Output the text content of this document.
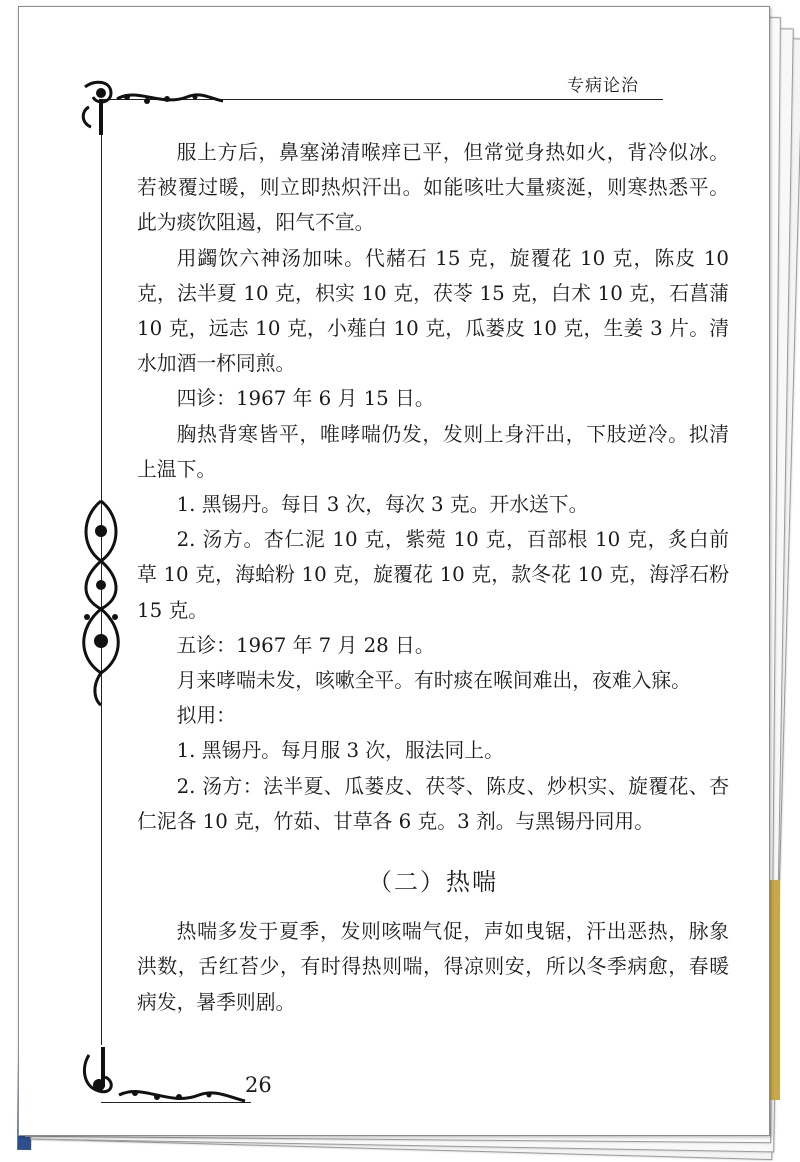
专病论治

服上方后，鼻塞涕清喉痒已平，但常觉身热如火，背冷似冰。若被覆过暖，则立即热炽汗出。如能咳吐大量痰涎，则寒热悉平。此为痰饮阻遏，阳气不宣。

用蠲饮六神汤加味。代赭石 15 克，旋覆花 10 克，陈皮 10 克，法半夏 10 克，枳实 10 克，茯苓 15 克，白术 10 克，石菖蒲 10 克，远志 10 克，小薤白 10 克，瓜蒌皮 10 克，生姜 3 片。清水加酒一杯同煎。

四诊：1967 年 6 月 15 日。

胸热背寒皆平，唯哮喘仍发，发则上身汗出，下肢逆冷。拟清上温下。

1. 黑锡丹。每日 3 次，每次 3 克。开水送下。

2. 汤方。杏仁泥 10 克，紫菀 10 克，百部根 10 克，炙白前草 10 克，海蛤粉 10 克，旋覆花 10 克，款冬花 10 克，海浮石粉 15 克。

五诊：1967 年 7 月 28 日。

月来哮喘未发，咳嗽全平。有时痰在喉间难出，夜难入寐。

拟用：

1. 黑锡丹。每月服 3 次，服法同上。

2. 汤方：法半夏、瓜蒌皮、茯苓、陈皮、炒枳实、旋覆花、杏仁泥各 10 克，竹茹、甘草各 6 克。3 剂。与黑锡丹同用。

（二）热喘

热喘多发于夏季，发则咳喘气促，声如曳锯，汗出恶热，脉象洪数，舌红苔少，有时得热则喘，得凉则安，所以冬季病愈，春暖病发，暑季则剧。

26
